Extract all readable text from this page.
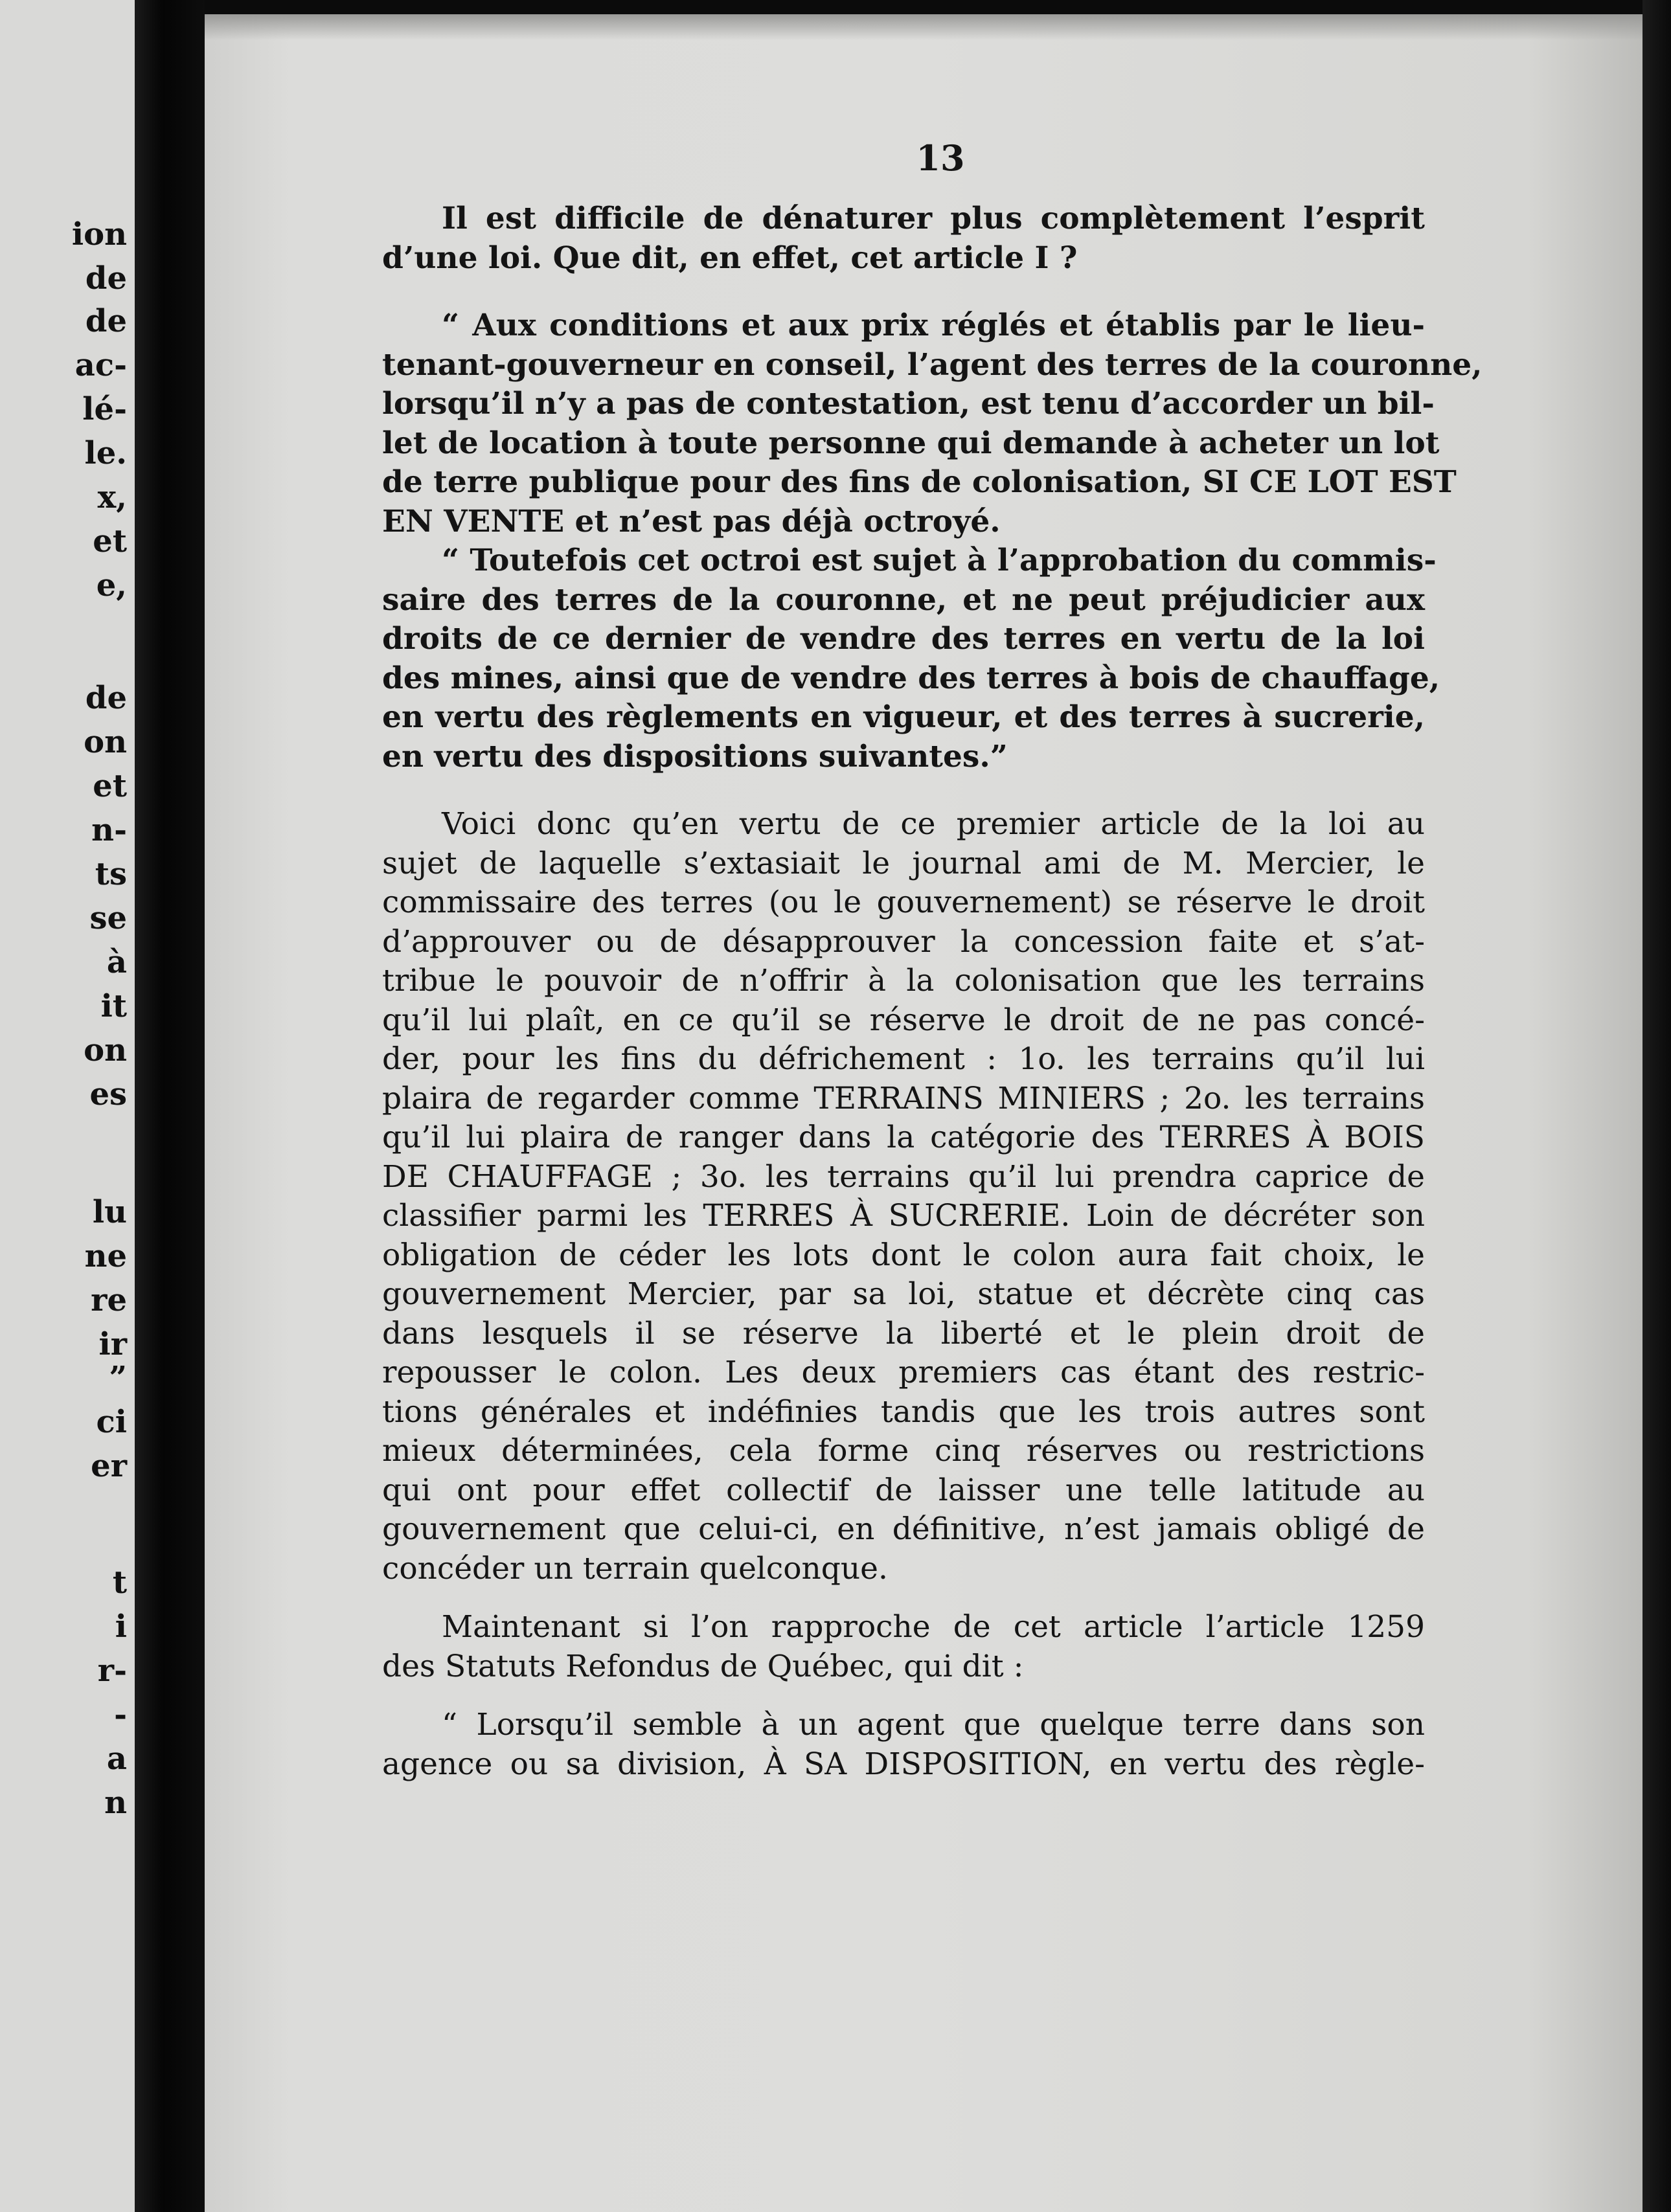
ion
de
de
ac-
lé-
le.
x,
et
e,
de
on
et
n-
ts
se
à
it
on
es
lu
ne
re
ir
”
ci
er
t
i
r-
-
a
n
13
Il est difficile de dénaturer plus complètement l’esprit
d’une loi. Que dit, en effet, cet article I ?
“ Aux conditions et aux prix réglés et établis par le lieu-
tenant-gouverneur en conseil, l’agent des terres de la couronne,
lorsqu’il n’y a pas de contestation, est tenu d’accorder un bil-
let de location à toute personne qui demande à acheter un lot
de terre publique pour des fins de colonisation, SI CE LOT EST
EN VENTE et n’est pas déjà octroyé.
“ Toutefois cet octroi est sujet à l’approbation du commis-
saire des terres de la couronne, et ne peut préjudicier aux
droits de ce dernier de vendre des terres en vertu de la loi
des mines, ainsi que de vendre des terres à bois de chauffage,
en vertu des règlements en vigueur, et des terres à sucrerie,
en vertu des dispositions suivantes.”
Voici donc qu’en vertu de ce premier article de la loi au
sujet de laquelle s’extasiait le journal ami de M. Mercier, le
commissaire des terres (ou le gouvernement) se réserve le droit
d’approuver ou de désapprouver la concession faite et s’at-
tribue le pouvoir de n’offrir à la colonisation que les terrains
qu’il lui plaît, en ce qu’il se réserve le droit de ne pas concé-
der, pour les fins du défrichement : 1o. les terrains qu’il lui
plaira de regarder comme TERRAINS MINIERS ; 2o. les terrains
qu’il lui plaira de ranger dans la catégorie des TERRES À BOIS
DE CHAUFFAGE ; 3o. les terrains qu’il lui prendra caprice de
classifier parmi les TERRES À SUCRERIE. Loin de décréter son
obligation de céder les lots dont le colon aura fait choix, le
gouvernement Mercier, par sa loi, statue et décrète cinq cas
dans lesquels il se réserve la liberté et le plein droit de
repousser le colon. Les deux premiers cas étant des restric-
tions générales et indéfinies tandis que les trois autres sont
mieux déterminées, cela forme cinq réserves ou restrictions
qui ont pour effet collectif de laisser une telle latitude au
gouvernement que celui-ci, en définitive, n’est jamais obligé de
concéder un terrain quelconque.
Maintenant si l’on rapproche de cet article l’article 1259
des Statuts Refondus de Québec, qui dit :
“ Lorsqu’il semble à un agent que quelque terre dans son
agence ou sa division, À SA DISPOSITION, en vertu des règle-
